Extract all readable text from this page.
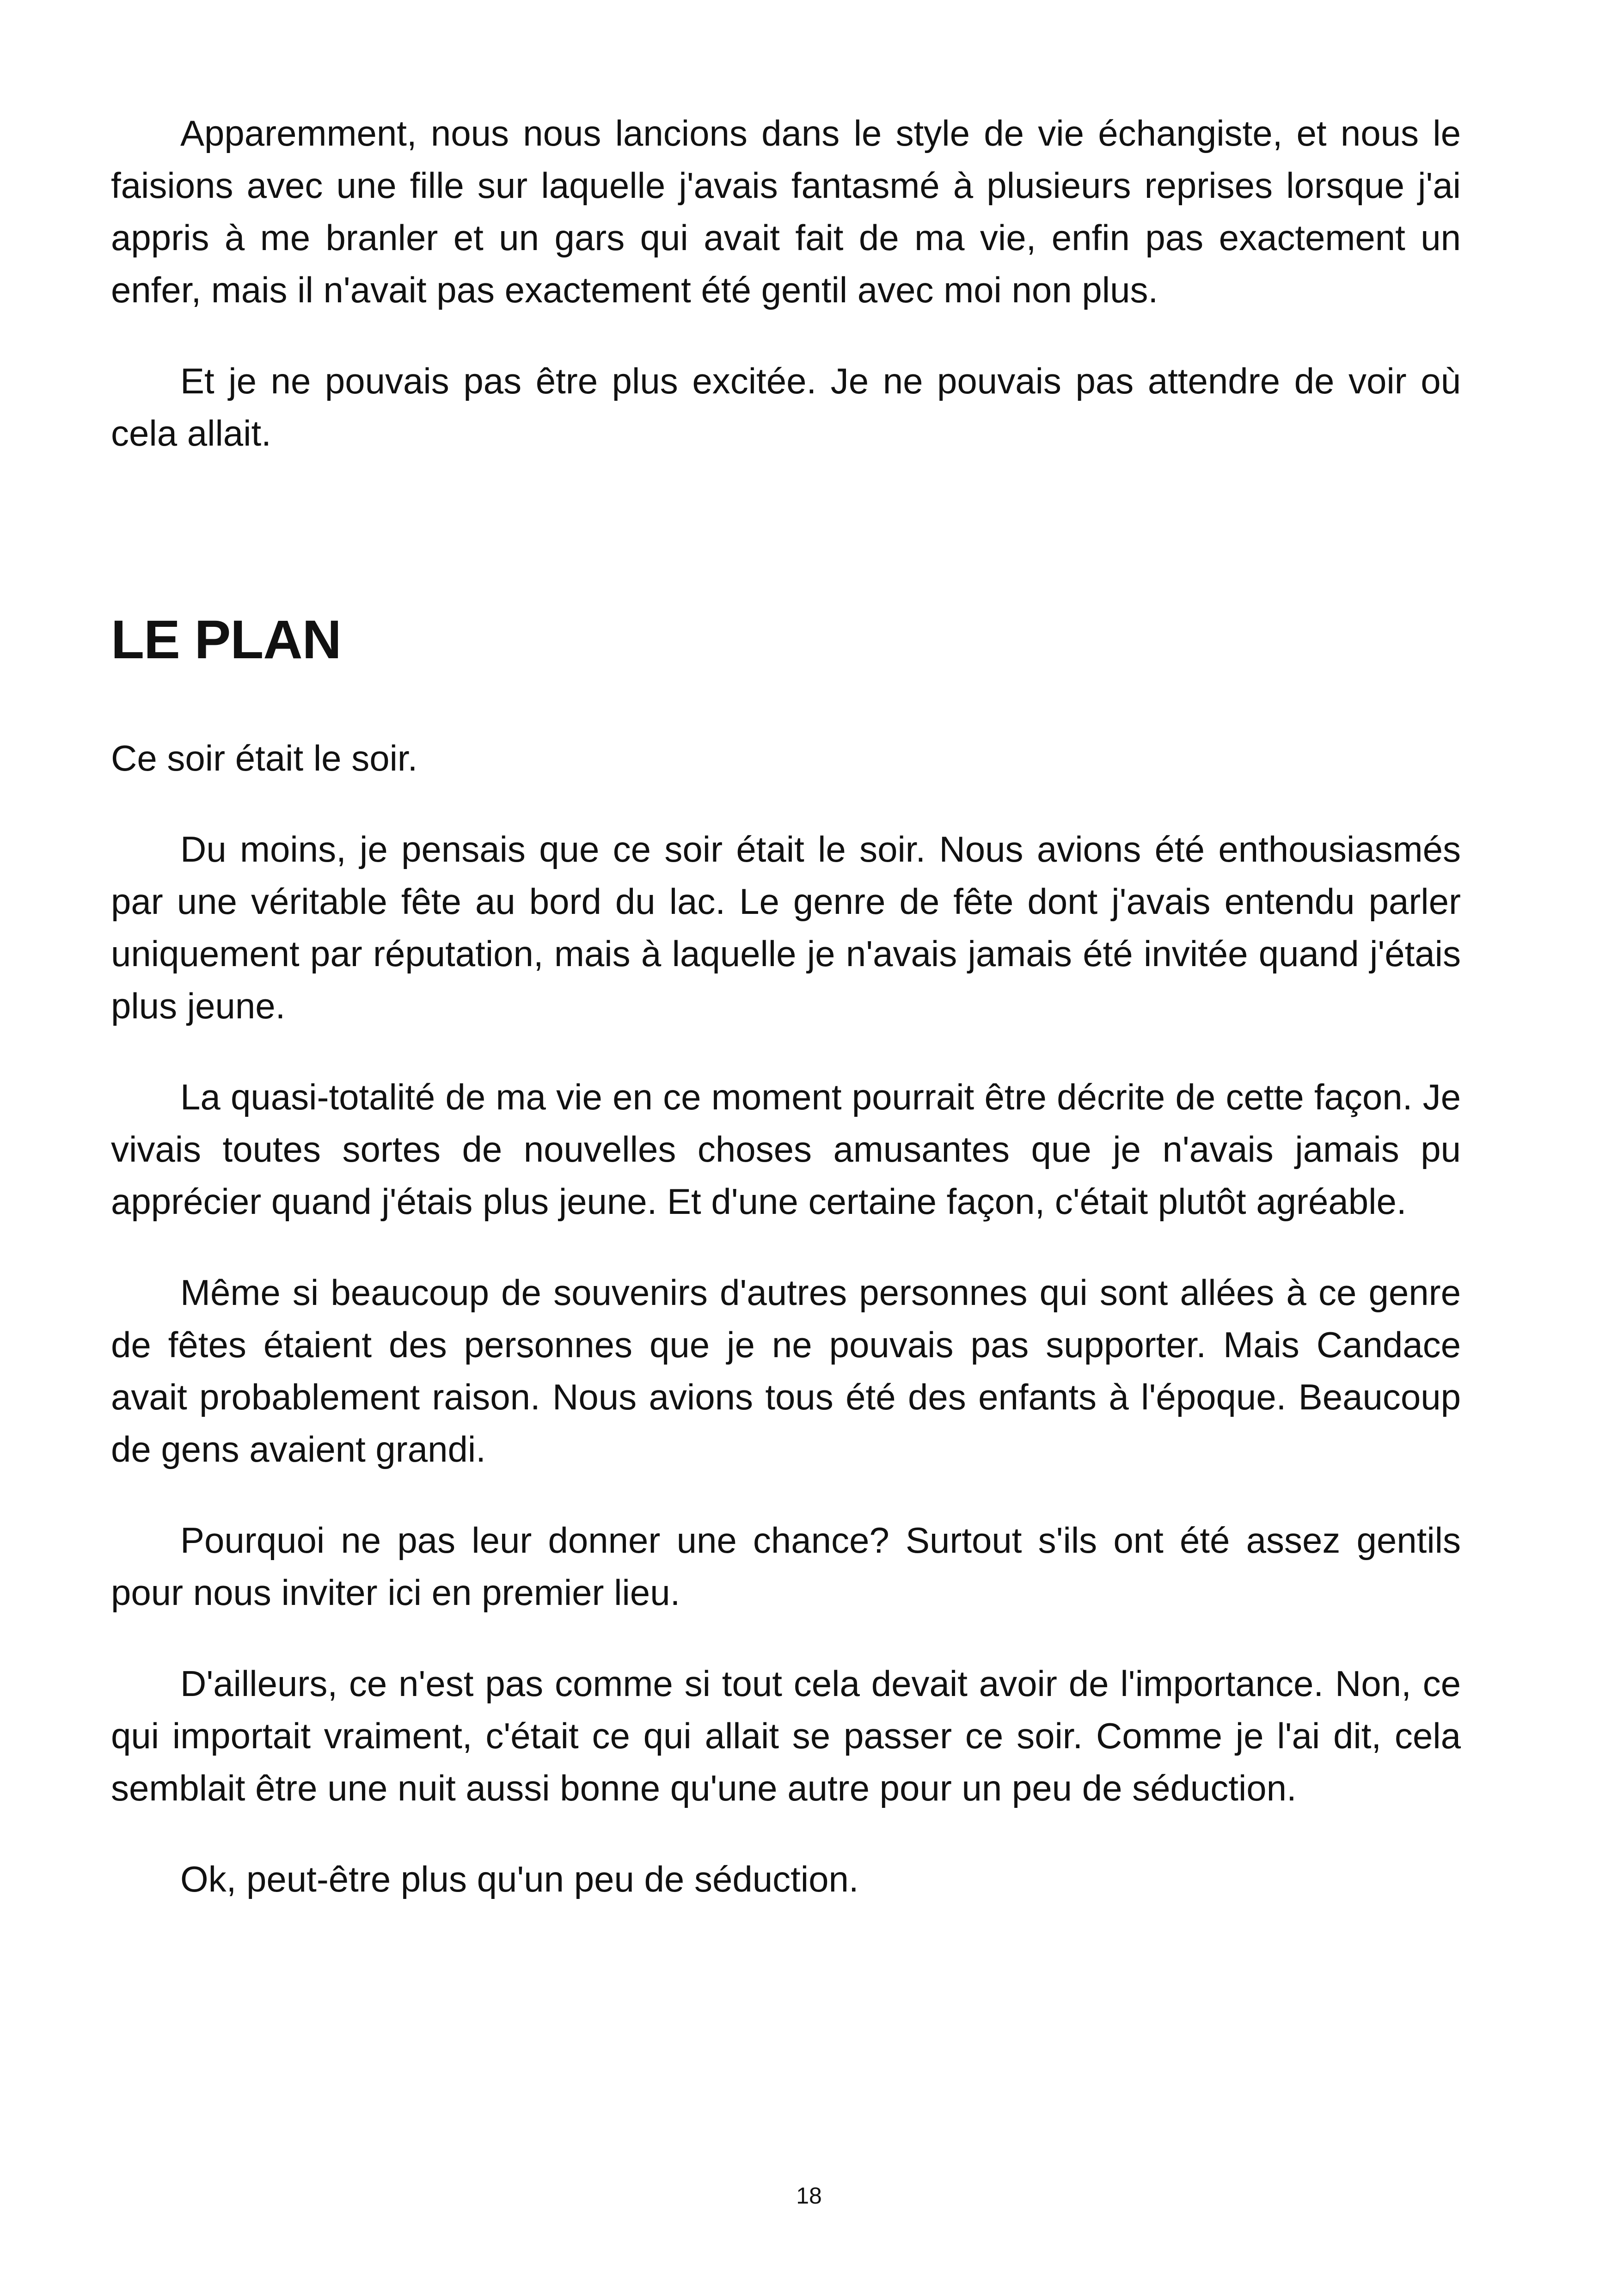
Apparemment, nous nous lancions dans le style de vie échangiste, et nous le faisions avec une fille sur laquelle j'avais fantasmé à plusieurs reprises lorsque j'ai appris à me branler et un gars qui avait fait de ma vie, enfin pas exactement un enfer, mais il n'avait pas exactement été gentil avec moi non plus.

Et je ne pouvais pas être plus excitée. Je ne pouvais pas attendre de voir où cela allait.

LE PLAN

Ce soir était le soir.

Du moins, je pensais que ce soir était le soir. Nous avions été enthousiasmés par une véritable fête au bord du lac. Le genre de fête dont j'avais entendu parler uniquement par réputation, mais à laquelle je n'avais jamais été invitée quand j'étais plus jeune.

La quasi-totalité de ma vie en ce moment pourrait être décrite de cette façon. Je vivais toutes sortes de nouvelles choses amusantes que je n'avais jamais pu apprécier quand j'étais plus jeune. Et d'une certaine façon, c'était plutôt agréable.

Même si beaucoup de souvenirs d'autres personnes qui sont allées à ce genre de fêtes étaient des personnes que je ne pouvais pas supporter. Mais Candace avait probablement raison. Nous avions tous été des enfants à l'époque. Beaucoup de gens avaient grandi.

Pourquoi ne pas leur donner une chance? Surtout s'ils ont été assez gentils pour nous inviter ici en premier lieu.

D'ailleurs, ce n'est pas comme si tout cela devait avoir de l'importance. Non, ce qui importait vraiment, c'était ce qui allait se passer ce soir. Comme je l'ai dit, cela semblait être une nuit aussi bonne qu'une autre pour un peu de séduction.

Ok, peut-être plus qu'un peu de séduction.

18
